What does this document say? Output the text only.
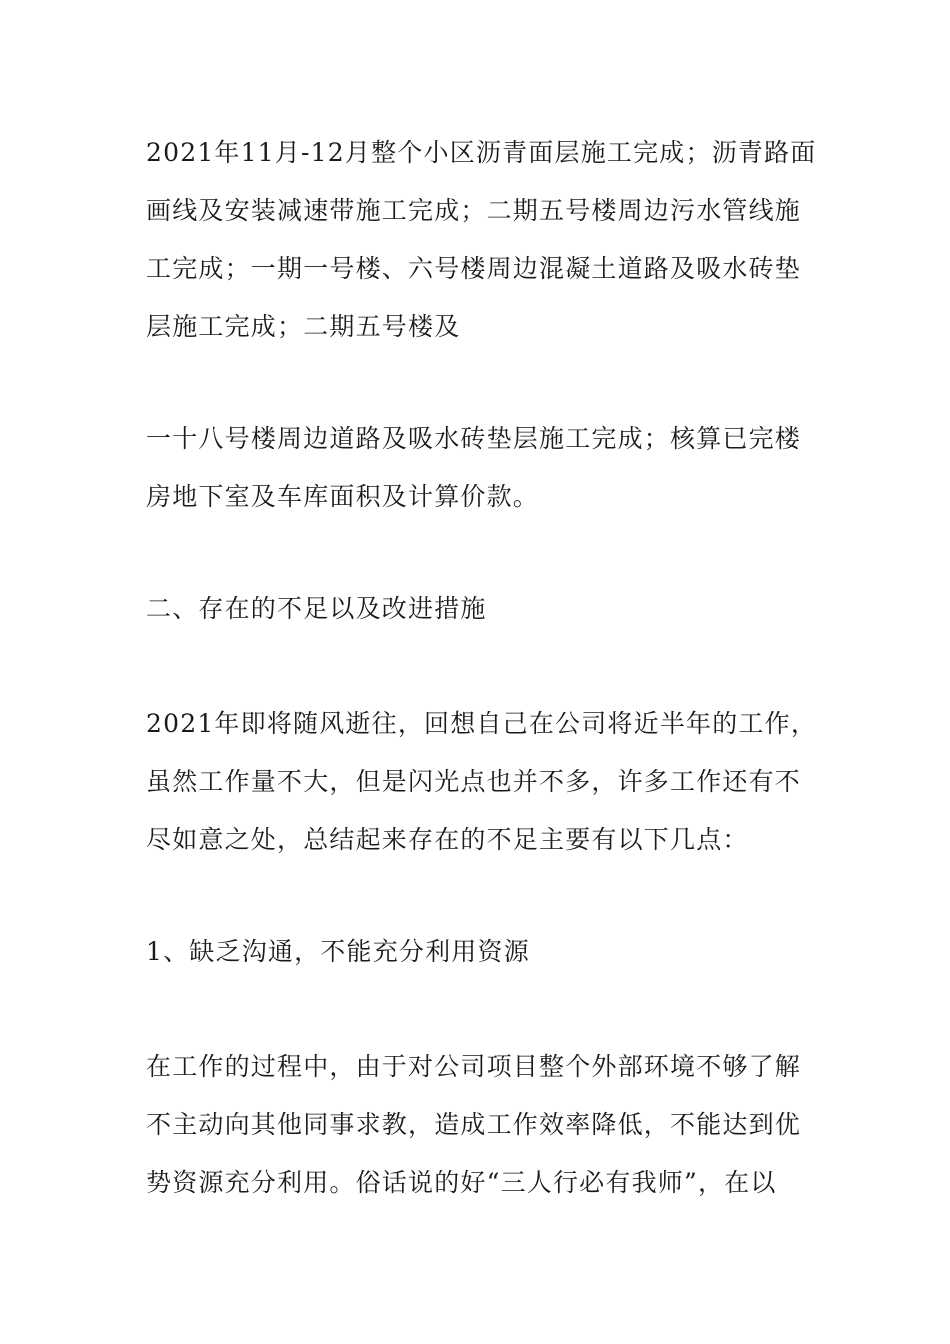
2021年11月-12月整个小区沥青面层施工完成；沥青路面
画线及安装减速带施工完成；二期五号楼周边污水管线施
工完成；一期一号楼、六号楼周边混凝土道路及吸水砖垫
层施工完成；二期五号楼及

一十八号楼周边道路及吸水砖垫层施工完成；核算已完楼
房地下室及车库面积及计算价款。

二、存在的不足以及改进措施

2021年即将随风逝往，回想自己在公司将近半年的工作，
虽然工作量不大，但是闪光点也并不多，许多工作还有不
尽如意之处，总结起来存在的不足主要有以下几点：

1、缺乏沟通，不能充分利用资源

在工作的过程中，由于对公司项目整个外部环境不够了解
不主动向其他同事求教，造成工作效率降低，不能达到优
势资源充分利用。俗话说的好“三人行必有我师”，在以
